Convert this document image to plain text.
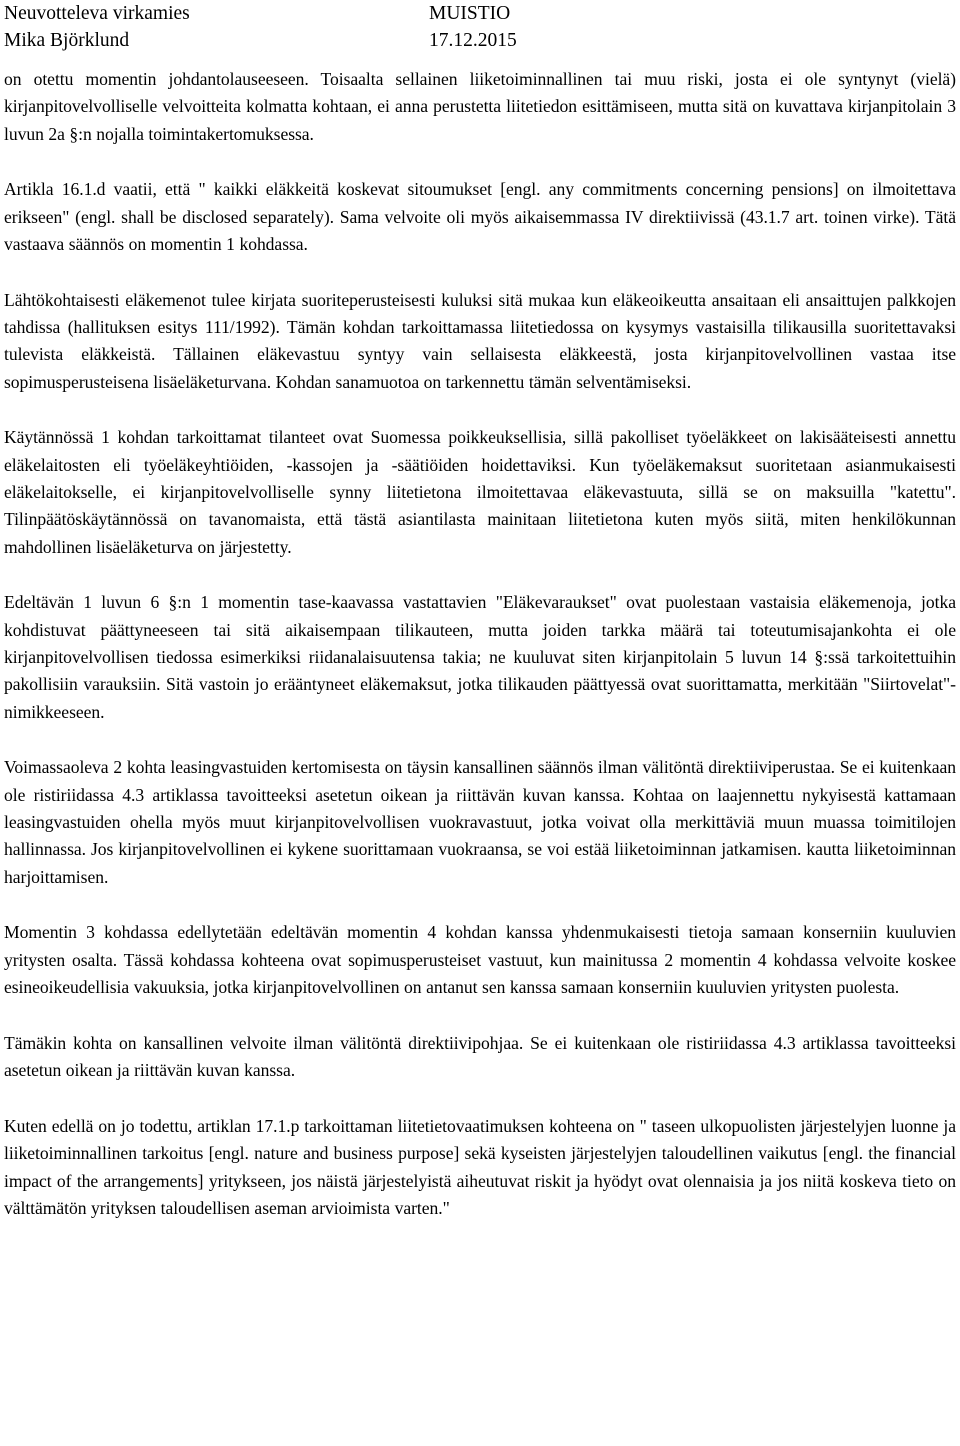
Neuvotteleva virkamies	MUISTIO
Mika Björklund	17.12.2015

on otettu momentin johdantolauseeseen. Toisaalta sellainen liiketoiminnallinen tai muu riski, josta ei ole syntynyt (vielä) kirjanpitovelvolliselle velvoitteita kolmatta kohtaan, ei anna perustetta liitetiedon esittämiseen, mutta sitä on kuvattava kirjanpitolain 3 luvun 2a §:n nojalla toimintakertomuksessa.

Artikla 16.1.d vaatii, että " kaikki eläkkeitä koskevat sitoumukset [engl. any commitments concerning pensions] on ilmoitettava erikseen" (engl. shall be disclosed separately). Sama velvoite oli myös aikaisemmassa IV direktiivissä (43.1.7 art. toinen virke). Tätä vastaava säännös on momentin 1 kohdassa.

Lähtökohtaisesti eläkemenot tulee kirjata suoriteperusteisesti kuluksi sitä mukaa kun eläkeoikeutta ansaitaan eli ansaittujen palkkojen tahdissa (hallituksen esitys 111/1992). Tämän kohdan tarkoittamassa liitetiedossa on kysymys vastaisilla tilikausilla suoritettavaksi tulevista eläkkeistä. Tällainen eläkevastuu syntyy vain sellaisesta eläkkeestä, josta kirjanpitovelvollinen vastaa itse sopimusperusteisena lisäeläketurvana. Kohdan sanamuotoa on tarkennettu tämän selventämiseksi.

Käytännössä 1 kohdan tarkoittamat tilanteet ovat Suomessa poikkeuksellisia, sillä pakolliset työeläkkeet on lakisääteisesti annettu eläkelaitosten eli työeläkeyhtiöiden, -kassojen ja -säätiöiden hoidettaviksi. Kun työeläkemaksut suoritetaan asianmukaisesti eläkelaitokselle, ei kirjanpitovelvolliselle synny liitetietona ilmoitettavaa eläkevastuuta, sillä se on maksuilla "katettu". Tilinpäätöskäytännössä on tavanomaista, että tästä asiantilasta mainitaan liitetietona kuten myös siitä, miten henkilökunnan mahdollinen lisäeläketurva on järjestetty.

Edeltävän 1 luvun 6 §:n 1 momentin tase-kaavassa vastattavien "Eläkevaraukset" ovat puolestaan vastaisia eläkemenoja, jotka kohdistuvat päättyneeseen tai sitä aikaisempaan tilikauteen, mutta joiden tarkka määrä tai toteutumisajankohta ei ole kirjanpitovelvollisen tiedossa esimerkiksi riidanalaisuutensa takia; ne kuuluvat siten kirjanpitolain 5 luvun 14 §:ssä tarkoitettuihin pakollisiin varauksiin. Sitä vastoin jo erääntyneet eläkemaksut, jotka tilikauden päättyessä ovat suorittamatta, merkitään "Siirtovelat"-nimikkeeseen.

Voimassaoleva 2 kohta leasingvastuiden kertomisesta on täysin kansallinen säännös ilman välitöntä direktiiviperustaa. Se ei kuitenkaan ole ristiriidassa 4.3 artiklassa tavoitteeksi asetetun oikean ja riittävän kuvan kanssa. Kohtaa on laajennettu nykyisestä kattamaan leasingvastuiden ohella myös muut kirjanpitovelvollisen vuokravastuut, jotka voivat olla merkittäviä muun muassa toimitilojen hallinnassa. Jos kirjanpitovelvollinen ei kykene suorittamaan vuokraansa, se voi estää liiketoiminnan jatkamisen. kautta liiketoiminnan harjoittamisen.

Momentin 3 kohdassa edellytetään edeltävän momentin 4 kohdan kanssa yhdenmukaisesti tietoja samaan konserniin kuuluvien yritysten osalta. Tässä kohdassa kohteena ovat sopimusperusteiset vastuut, kun mainitussa 2 momentin 4 kohdassa velvoite koskee esineoikeudellisia vakuuksia, jotka kirjanpitovelvollinen on antanut sen kanssa samaan konserniin kuuluvien yritysten puolesta.

Tämäkin kohta on kansallinen velvoite ilman välitöntä direktiivipohjaa. Se ei kuitenkaan ole ristiriidassa 4.3 artiklassa tavoitteeksi asetetun oikean ja riittävän kuvan kanssa.

Kuten edellä on jo todettu, artiklan 17.1.p tarkoittaman liitetietovaatimuksen kohteena on " taseen ulkopuolisten järjestelyjen luonne ja liiketoiminnallinen tarkoitus [engl. nature and business purpose] sekä kyseisten järjestelyjen taloudellinen vaikutus [engl. the financial impact of the arrangements] yritykseen, jos näistä järjestelyistä aiheutuvat riskit ja hyödyt ovat olennaisia ja jos niitä koskeva tieto on välttämätön yrityksen taloudellisen aseman arvioimista varten."
